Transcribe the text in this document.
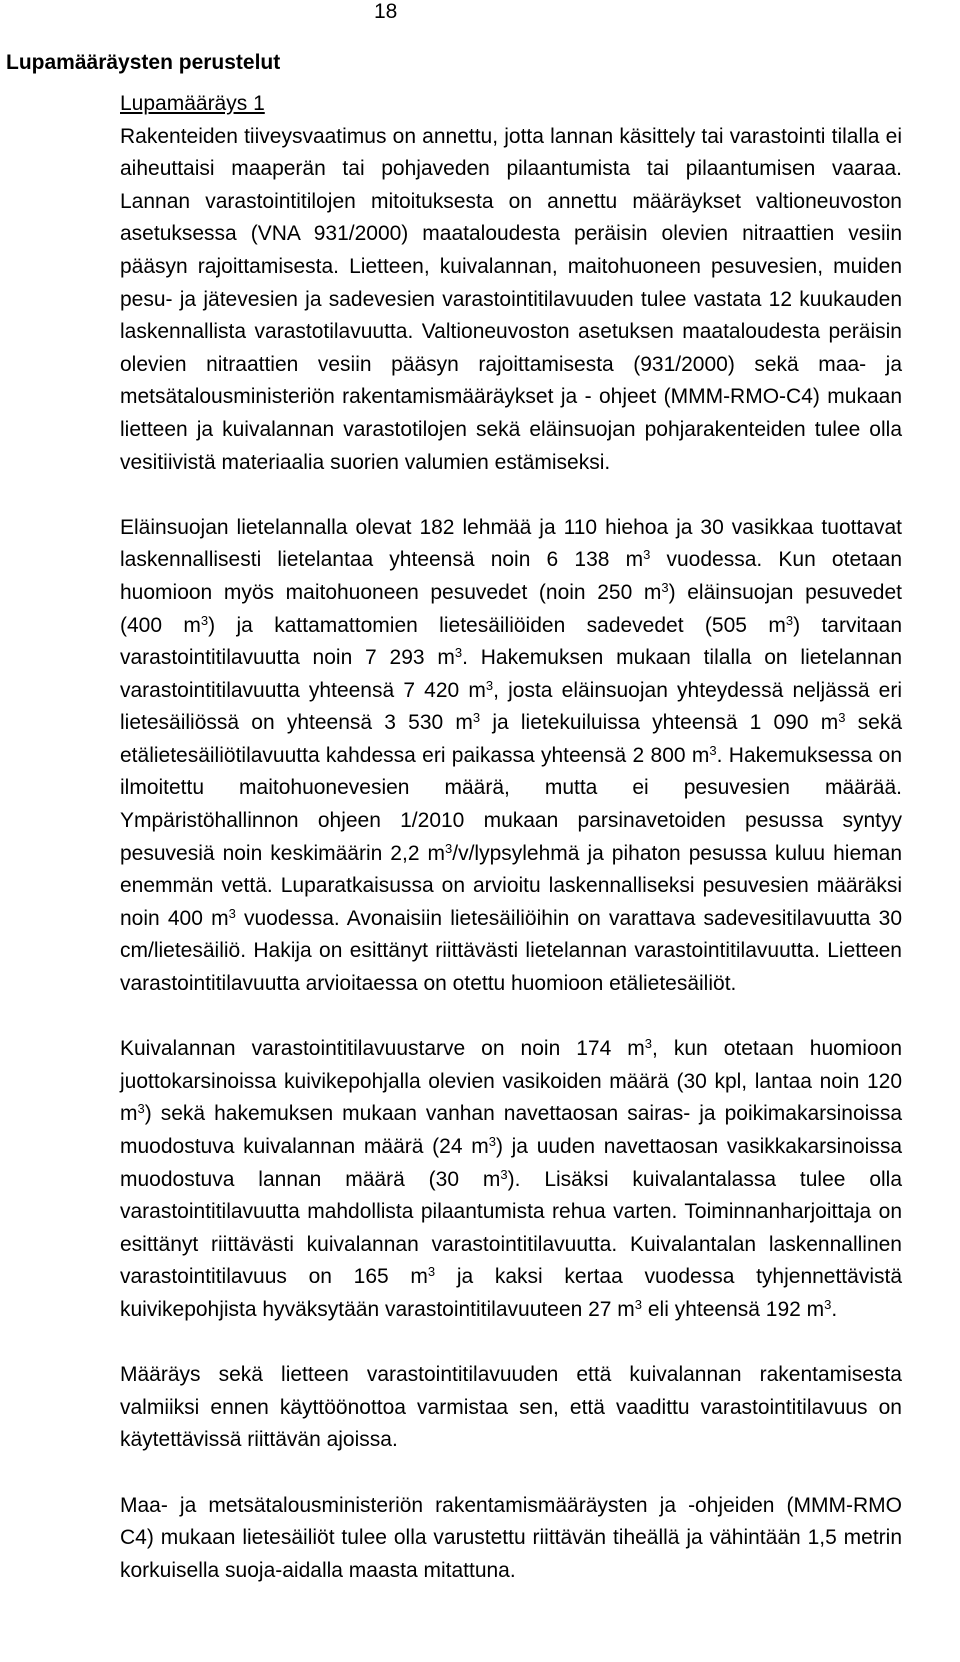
18
Lupamääräysten perustelut

Lupamääräys 1

Rakenteiden tiiveysvaatimus on annettu, jotta lannan käsittely tai varastointi tilalla ei aiheuttaisi maaperän tai pohjaveden pilaantumista tai pilaantumisen vaaraa. Lannan varastointitilojen mitoituksesta on annettu määräykset valtioneuvoston asetuksessa (VNA 931/2000) maataloudesta peräisin olevien nitraattien vesiin pääsyn rajoittamisesta. Lietteen, kuivalannan, maitohuoneen pesuvesien, muiden pesu- ja jätevesien ja sadevesien varastointitilavuuden tulee vastata 12 kuukauden laskennallista varastotilavuutta. Valtioneuvoston asetuksen maataloudesta peräisin olevien nitraattien vesiin pääsyn rajoittamisesta (931/2000) sekä maa- ja metsätalousministeriön rakentamismääräykset ja - ohjeet (MMM-RMO-C4) mukaan lietteen ja kuivalannan varastotilojen sekä eläinsuojan pohjarakenteiden tulee olla vesitiivistä materiaalia suorien valumien estämiseksi.

Eläinsuojan lietelannalla olevat 182 lehmää ja 110 hiehoa ja 30 vasikkaa tuottavat laskennallisesti lietelantaa yhteensä noin 6 138 $m^3$ vuodessa. Kun otetaan huomioon myös maitohuoneen pesuvedet (noin 250 $m^3$) eläinsuojan pesuvedet (400 $m^3$) ja kattamattomien lietesäiliöiden sadevedet (505 $m^3$) tarvitaan varastointitilavuutta noin 7 293 $m^3$. Hakemuksen mukaan tilalla on lietelannan varastointitilavuutta yhteensä 7 420 $m^3$, josta eläinsuojan yhteydessä neljässä eri lietesäiliössä on yhteensä 3 530 $m^3$ ja lietekuiluissa yhteensä 1 090 $m^3$ sekä etälietesäiliötilavuutta kahdessa eri paikassa yhteensä 2 800 $m^3$. Hakemuksessa on ilmoitettu maitohuonevesien määrä, mutta ei pesuvesien määrää. Ympäristöhallinnon ohjeen 1/2010 mukaan parsinavetoiden pesussa syntyy pesuvesiä noin keskimäärin 2,2 $m^3/v$/lypsylehmä ja pihaton pesussa kuluu hieman enemmän vettä. Luparatkaisussa on arvioitu laskennalliseksi pesuvesien määräksi noin 400 $m^3$ vuodessa. Avonaisiin lietesäiliöihin on varattava sadevesitilavuutta 30 cm/lietesäiliö. Hakija on esittänyt riittävästi lietelannan varastointitilavuutta. Lietteen varastointitilavuutta arvioitaessa on otettu huomioon etälietesäiliöt.

Kuivalannan varastointitilavuustarve on noin 174 $m^3$, kun otetaan huomioon juottokarsinoissa kuivikepohjalla olevien vasikoiden määrä (30 kpl, lantaa noin 120 $m^3$) sekä hakemuksen mukaan vanhan navettaosan sairas- ja poikimakarsinoissa muodostuva kuivalannan määrä (24 $m^3$) ja uuden navettaosan vasikkakarsinoissa muodostuva lannan määrä (30 $m^3$). Lisäksi kuivalantalassa tulee olla varastointitilavuutta mahdollista pilaantumista rehua varten. Toiminnanharjoittaja on esittänyt riittävästi kuivalannan varastointitilavuutta. Kuivalantalan laskennallinen varastointitilavuus on 165 $m^3$ ja kaksi kertaa vuodessa tyhjennettävistä kuivikepohjista hyväksytään varastointitilavuuteen 27 $m^3$ eli yhteensä 192 $m^3$.

Määräys sekä lietteen varastointitilavuuden että kuivalannan rakentamisesta valmiiksi ennen käyttöönottoa varmistaa sen, että vaadittu varastointitilavuus on käytettävissä riittävän ajoissa.

Maa- ja metsätalousministeriön rakentamismääräysten ja -ohjeiden (MMM-RMO C4) mukaan lietesäiliöt tulee olla varustettu riittävän tiheällä ja vähintään 1,5 metrin korkuisella suoja-aidalla maasta mitattuna.
